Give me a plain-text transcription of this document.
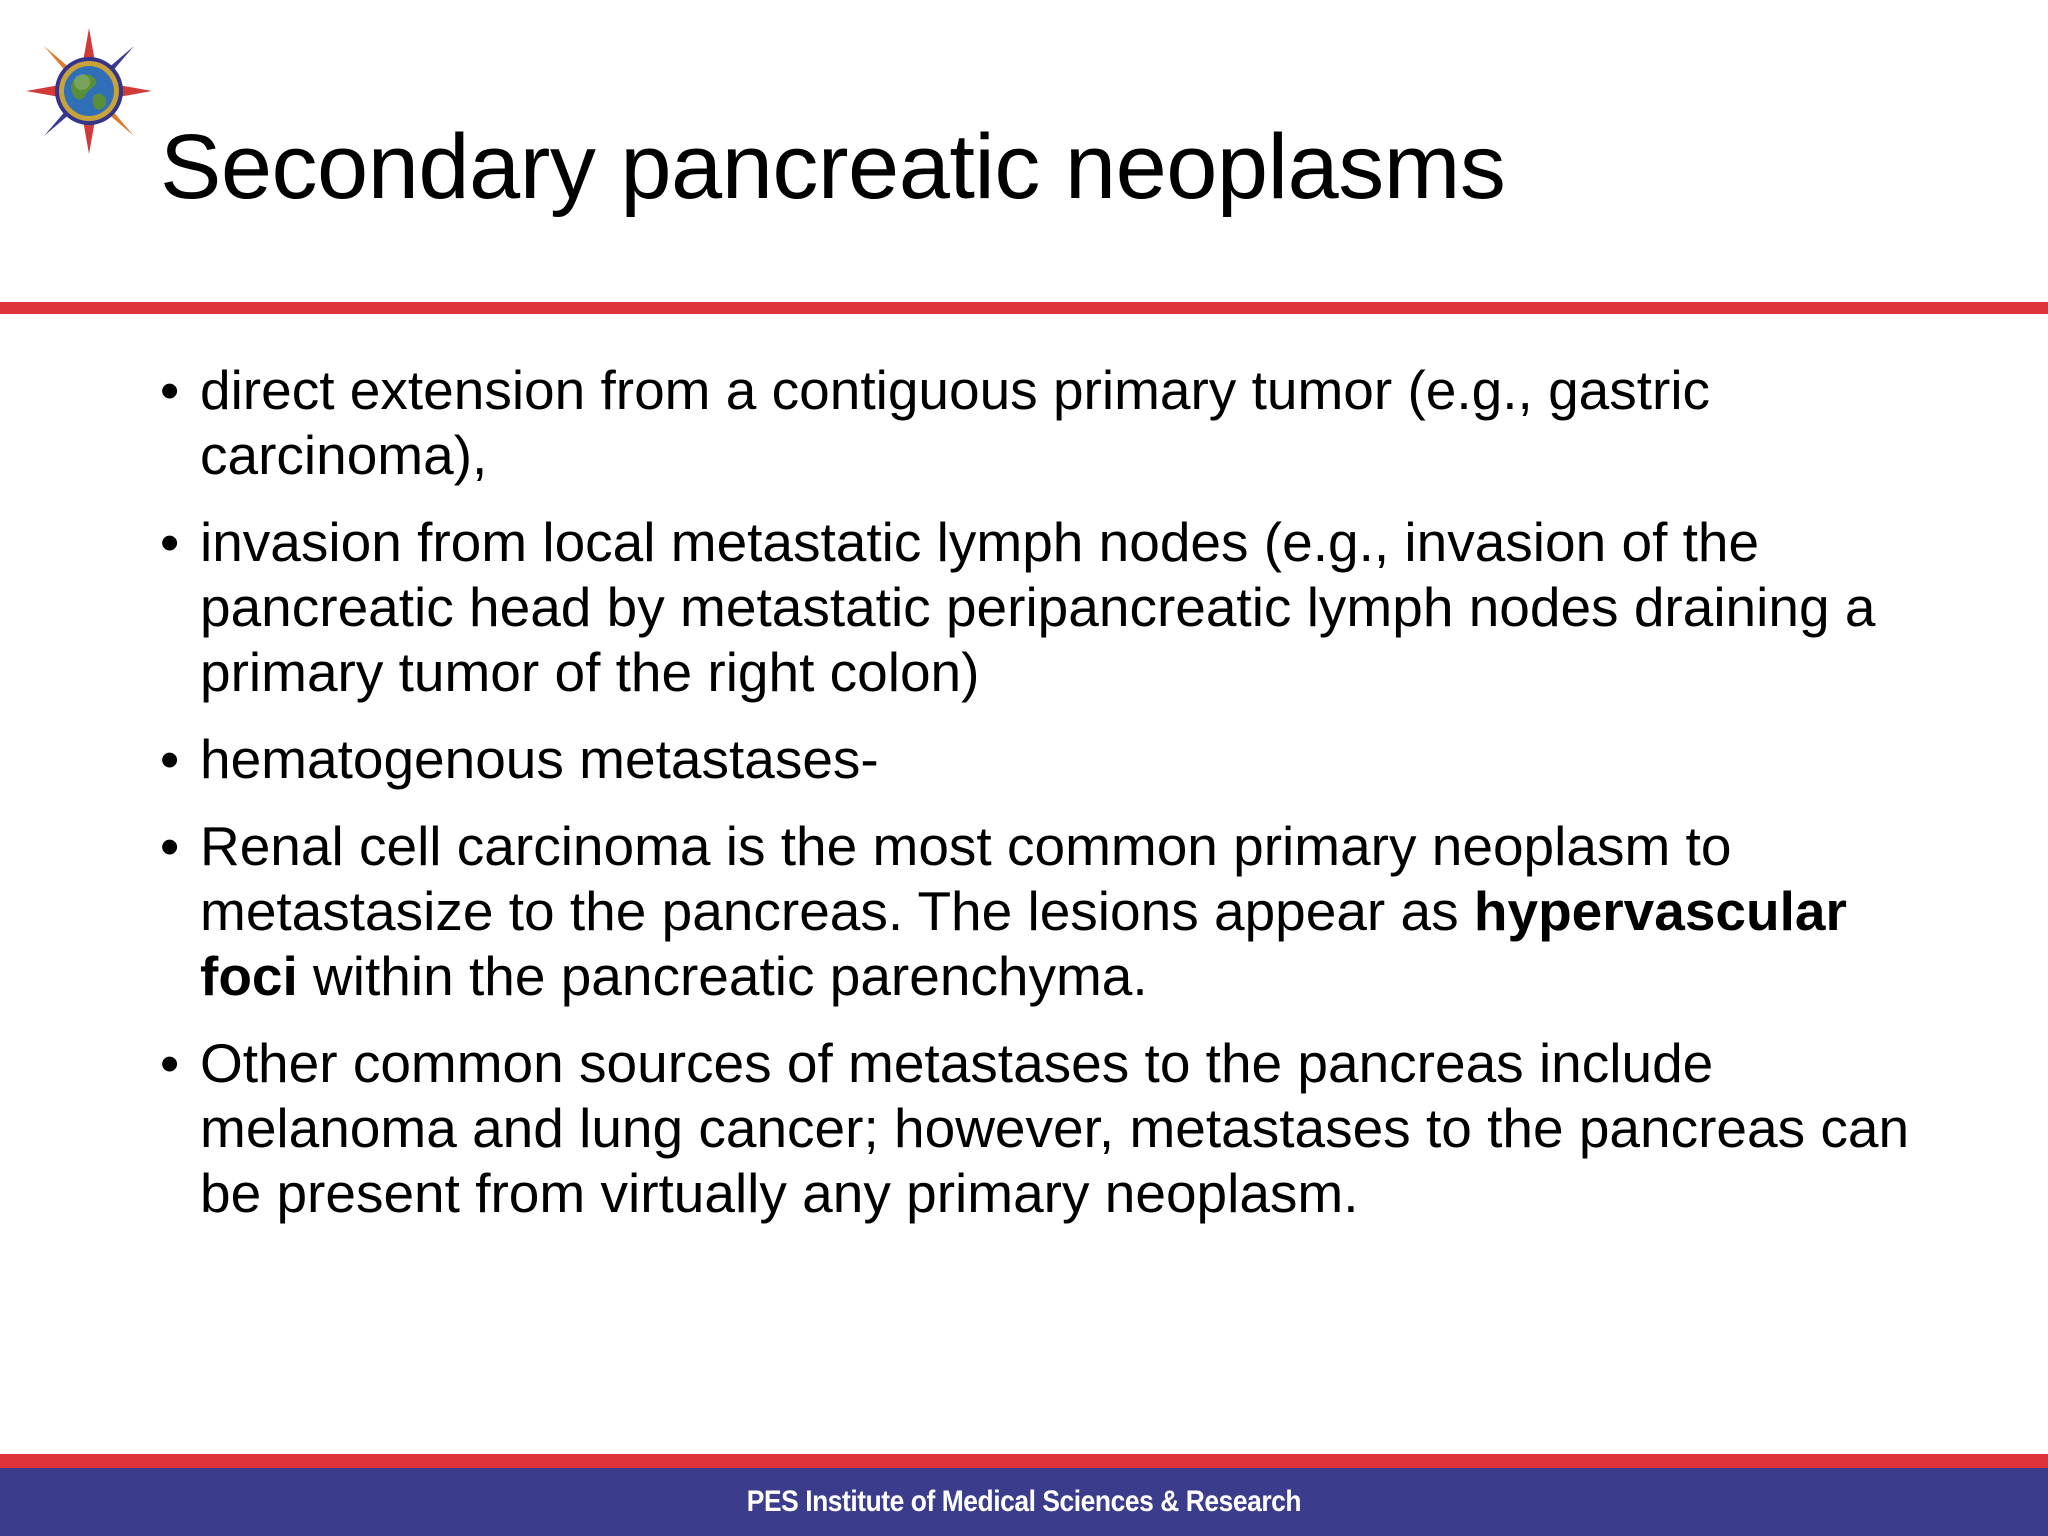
Secondary pancreatic neoplasms
• direct extension from a contiguous primary tumor (e.g., gastric carcinoma),
• invasion from local metastatic lymph nodes (e.g., invasion of the pancreatic head by metastatic peripancreatic lymph nodes draining a primary tumor of the right colon)
• hematogenous metastases-
• Renal cell carcinoma is the most common primary neoplasm to metastasize to the pancreas. The lesions appear as hypervascular foci within the pancreatic parenchyma.
• Other common sources of metastases to the pancreas include melanoma and lung cancer; however, metastases to the pancreas can be present from virtually any primary neoplasm.
PES Institute of Medical Sciences & Research
